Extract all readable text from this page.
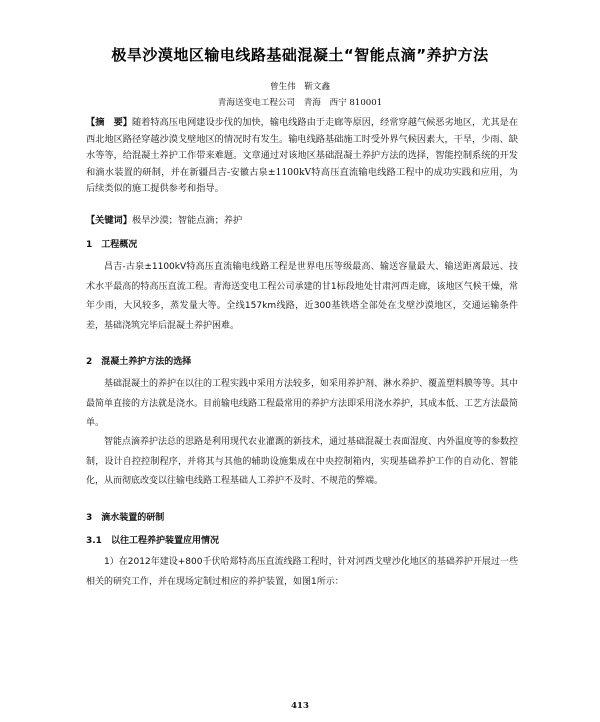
极旱沙漠地区输电线路基础混凝土“智能点滴”养护方法
曾生伟　靳文鑫
青海送变电工程公司　青海　西宁 810001
【摘　要】随着特高压电网建设步伐的加快，输电线路由于走廊等原因，经常穿越气候恶劣地区，尤其是在西北地区路径穿越沙漠戈壁地区的情况时有发生。输电线路基础施工时受外界气候因素大，干旱，少雨、缺水等等，给混凝土养护工作带来难题。文章通过对该地区基础混凝土养护方法的选择，智能控制系统的开发和滴水装置的研制，并在新疆昌吉-安徽古泉±1100kV特高压直流输电线路工程中的成功实践和应用，为后续类似的施工提供参考和指导。
【关键词】极旱沙漠；智能点滴；养护
1　工程概况
昌吉-古泉±1100kV特高压直流输电线路工程是世界电压等级最高、输送容量最大、输送距离最远、技术水平最高的特高压直流工程。青海送变电工程公司承建的甘1标段地处甘肃河西走廊，该地区气候干燥，常年少雨，大风较多，蒸发量大等。全线157km线路，近300基铁塔全部处在戈壁沙漠地区，交通运输条件差，基础浇筑完毕后混凝土养护困难。
2　混凝土养护方法的选择
基础混凝土的养护在以往的工程实践中采用方法较多，如采用养护剂、淋水养护、覆盖塑料膜等等。其中最简单直接的方法就是浇水。目前输电线路工程最常用的养护方法即采用浇水养护，其成本低、工艺方法最简单。
智能点滴养护法总的思路是利用现代农业灌溉的新技术，通过基础混凝土表面湿度、内外温度等的参数控制，设计自控控制程序，并将其与其他的辅助设施集成在中央控制箱内，实现基础养护工作的自动化、智能化，从而彻底改变以往输电线路工程基础人工养护不及时、不规范的弊端。
3　滴水装置的研制
3.1　以往工程养护装置应用情况
1）在2012年建设+800千伏哈郑特高压直流线路工程时，针对河西戈壁沙化地区的基础养护开展过一些相关的研究工作，并在现场定制过相应的养护装置，如图1所示：
413
